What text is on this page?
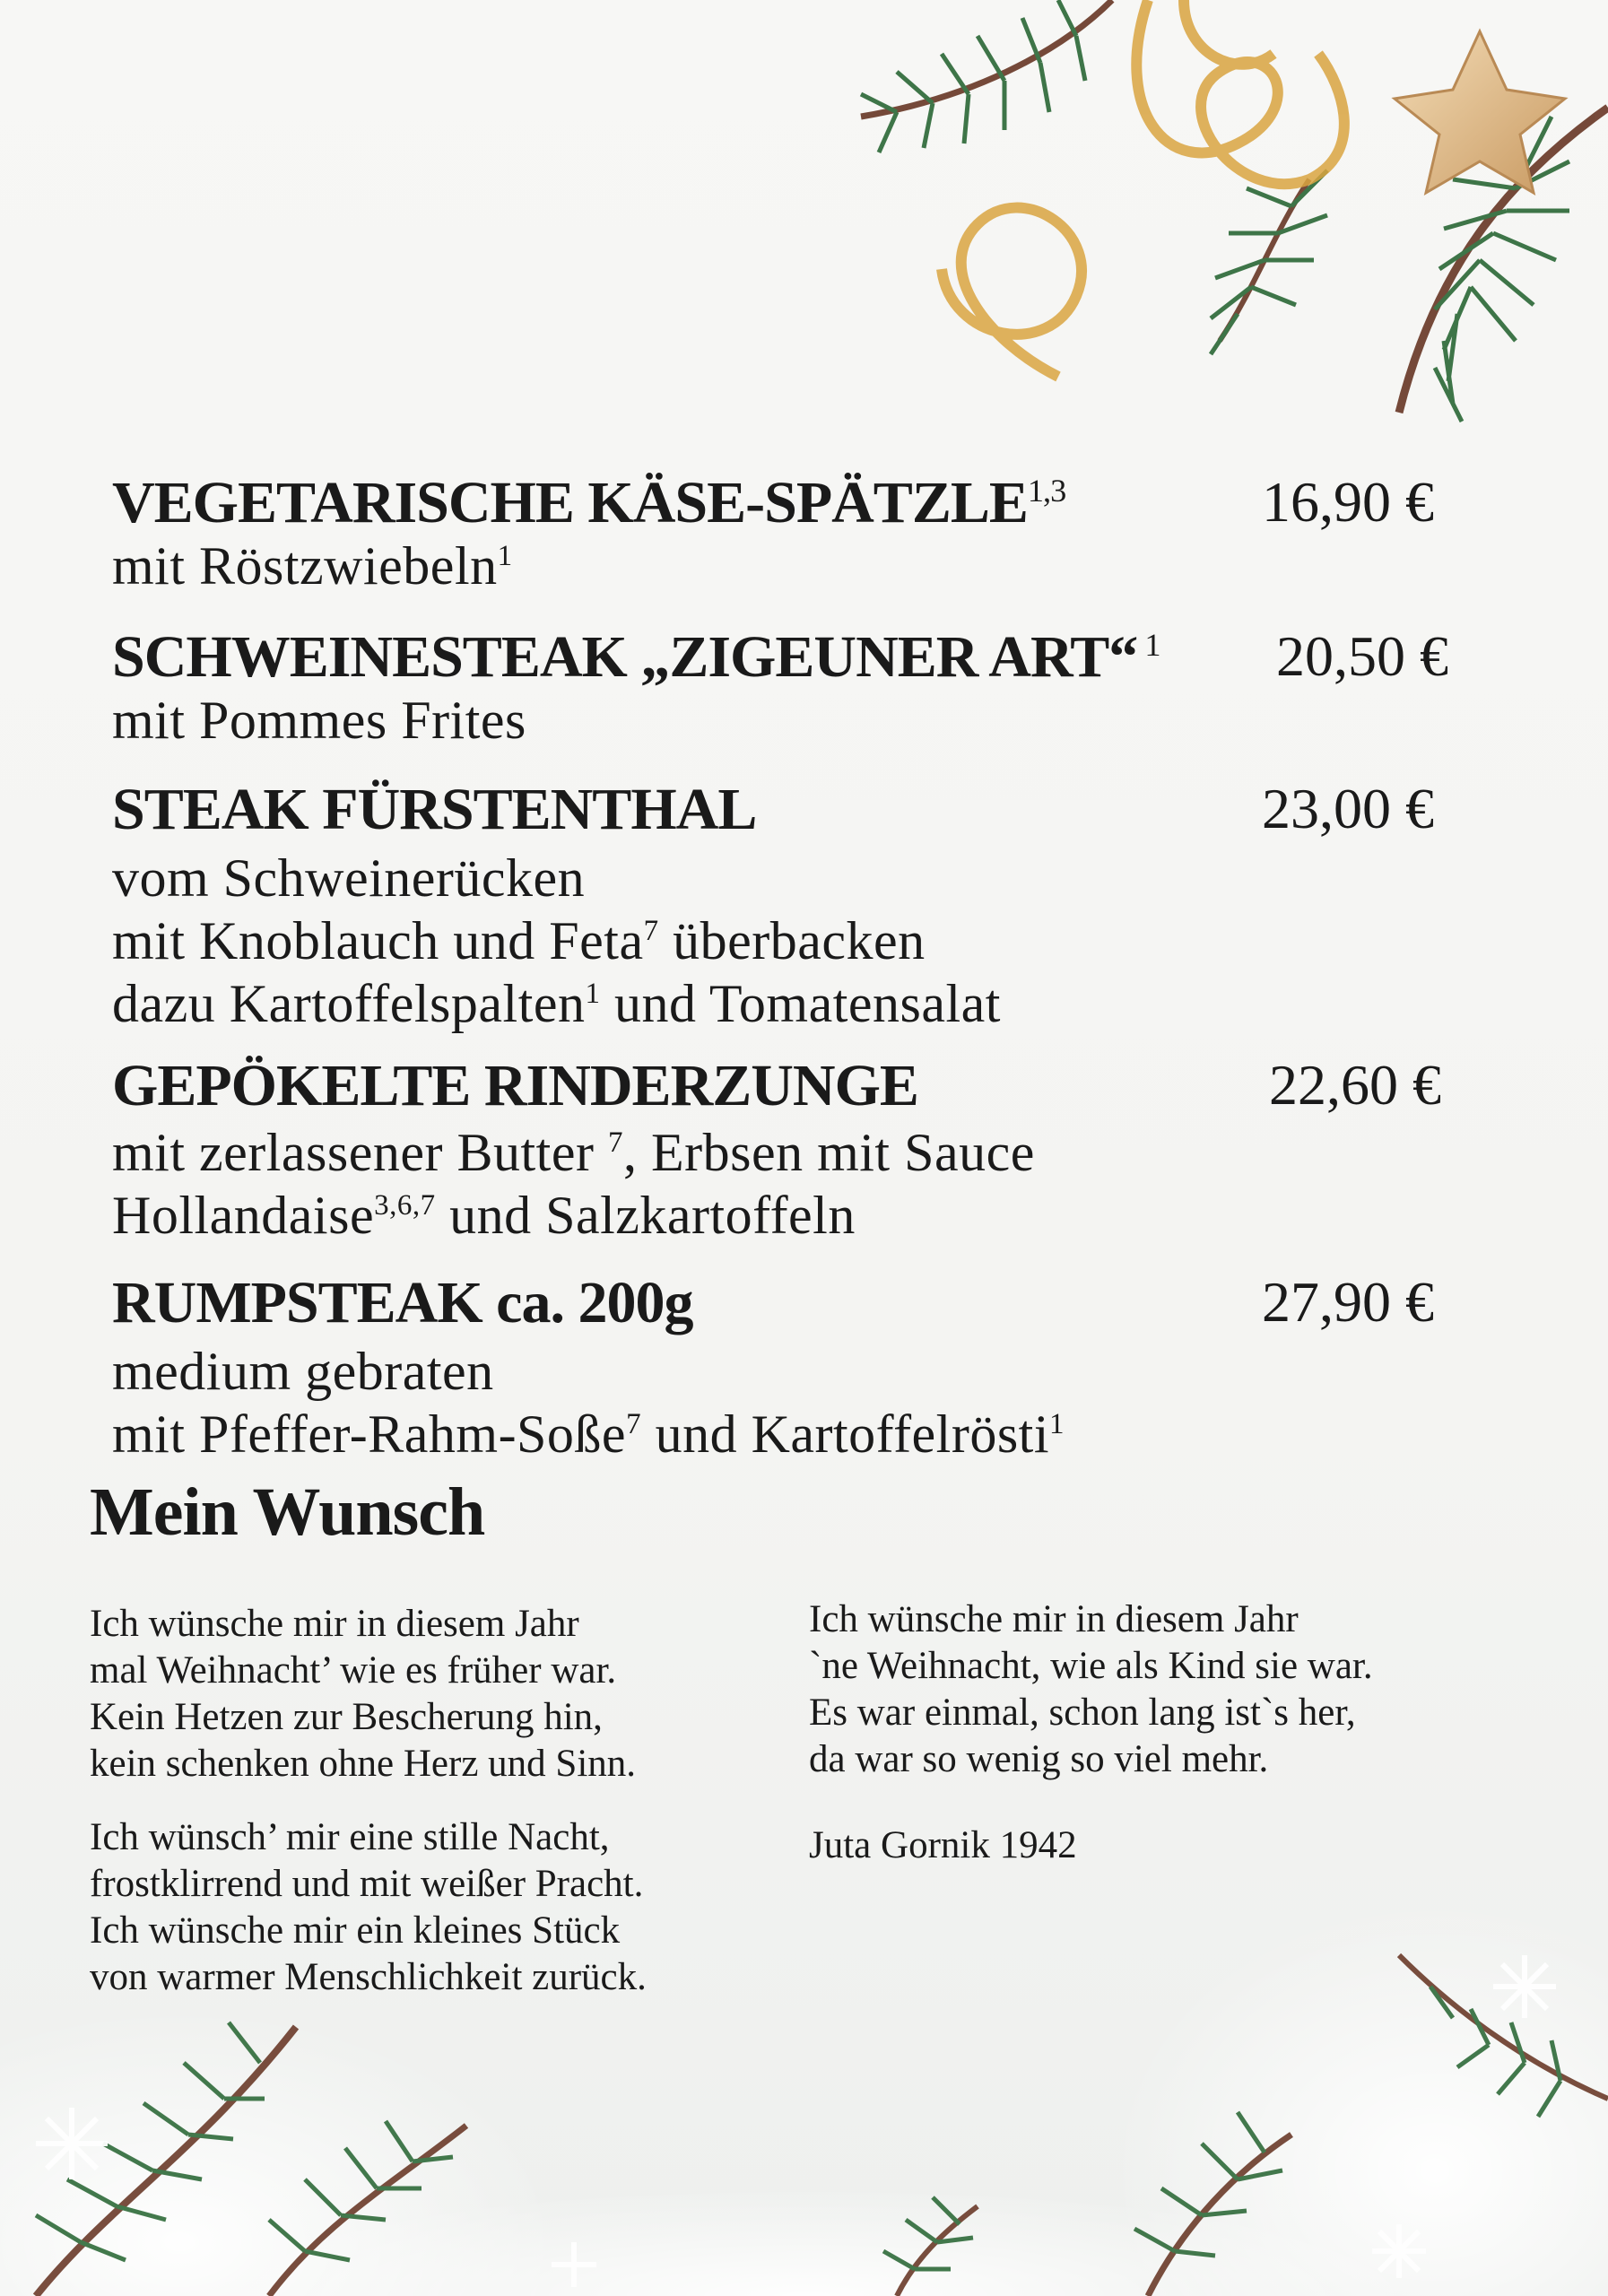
VEGETARISCHE KÄSE-SPÄTZLE$^{1,3}$	16,90 €

mit Röstzwiebeln$^1$

SCHWEINESTEAK „ZIGEUNER ART“ $^1$	20,50 €

mit Pommes Frites

STEAK FÜRSTENTHAL	23,00 €

vom Schweinerücken

mit Knoblauch und Feta$^7$ überbacken

dazu Kartoffelspalten$^1$ und Tomatensalat

GEPÖKELTE RINDERZUNGE	22,60 €

mit zerlassener Butter $^7$, Erbsen mit Sauce

Hollandaise$^{3,6,7}$ und Salzkartoffeln

RUMPSTEAK ca. 200g	27,90 €

medium gebraten

mit Pfeffer-Rahm-Soße$^7$ und Kartoffelrösti$^1$

Mein Wunsch

Ich wünsche mir in diesem Jahr

mal Weihnacht’ wie es früher war.

Kein Hetzen zur Bescherung hin,

kein schenken ohne Herz und Sinn.

Ich wünsch’ mir eine stille Nacht,

frostklirrend und mit weißer Pracht.

Ich wünsche mir ein kleines Stück

von warmer Menschlichkeit zurück.

Ich wünsche mir in diesem Jahr

`ne Weihnacht, wie als Kind sie war.

Es war einmal, schon lang ist`s her,

da war so wenig so viel mehr.

Juta Gornik 1942
